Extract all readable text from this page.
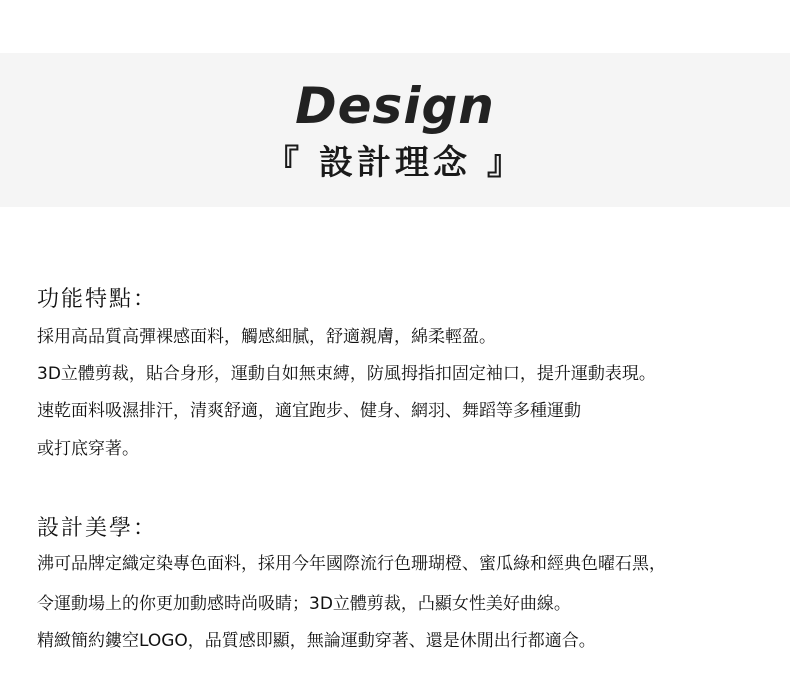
Design
『 設計理念 』
功能特點：
採用高品質高彈裸感面料，觸感細膩，舒適親膚，綿柔輕盈。
3D立體剪裁，貼合身形，運動自如無束縛，防風拇指扣固定袖口，提升運動表現。
速乾面料吸濕排汗，清爽舒適，適宜跑步、健身、網羽、舞蹈等多種運動
或打底穿著。
設計美學：
沸可品牌定織定染專色面料，採用今年國際流行色珊瑚橙、蜜瓜綠和經典色曜石黑，
令運動場上的你更加動感時尚吸睛；3D立體剪裁，凸顯女性美好曲線。
精緻簡約鏤空LOGO，品質感即顯，無論運動穿著、還是休閒出行都適合。
